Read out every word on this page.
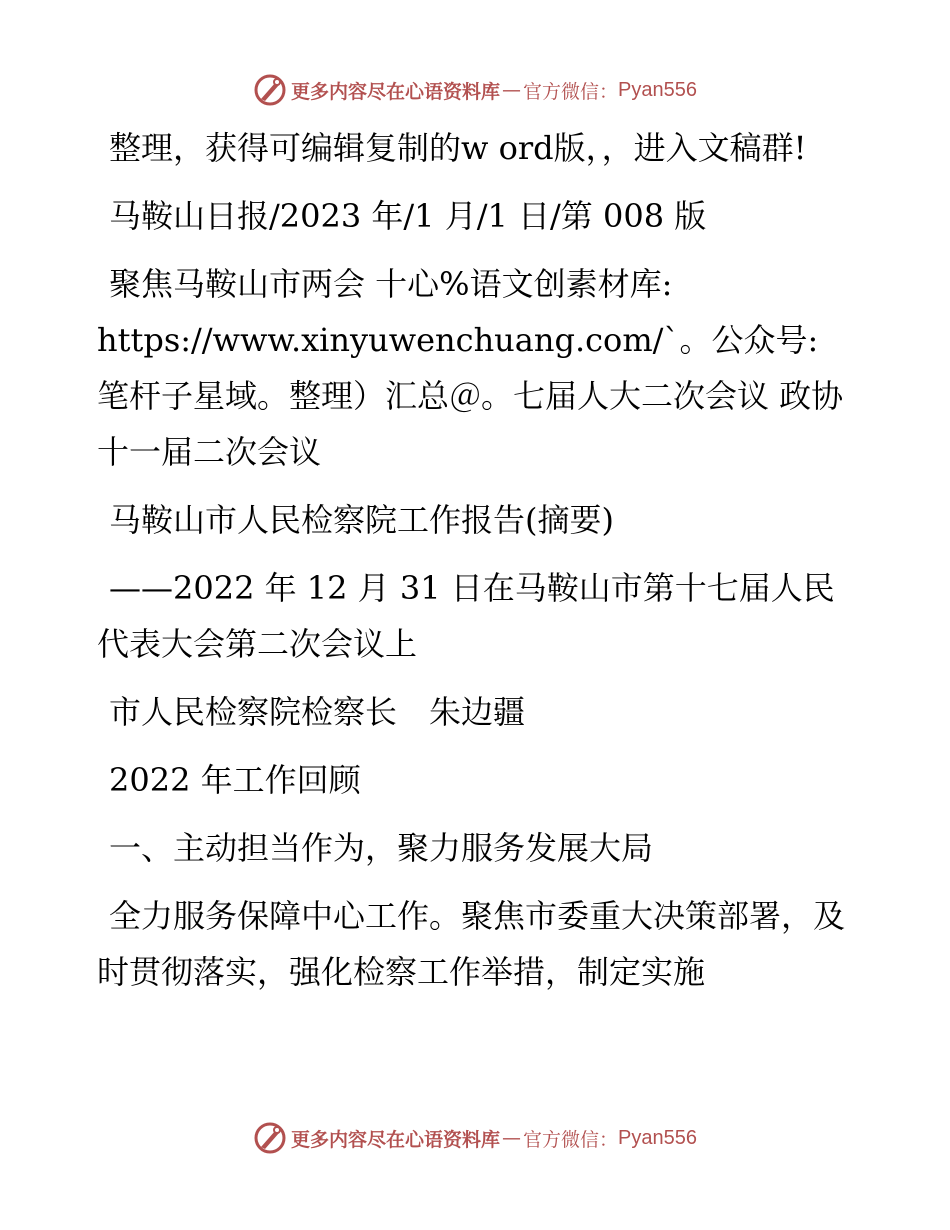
更多内容尽在心语资料库 — 官方微信： Pyan556

整理，获得可编辑复制的w ord版，，进入文稿群!

马鞍山日报/2023 年/1 月/1 日/第 008 版

聚焦马鞍山市两会 十心%语文创素材库:

https://www.xinyuwenchuang.com/`。公众号: 笔杆子星域。整理）汇总＠。七届人大二次会议 政协十一届二次会议

马鞍山市人民检察院工作报告(摘要)

——2022 年 12 月 31 日在马鞍山市第十七届人民代表大会第二次会议上

市人民检察院检察长　朱边疆

2022 年工作回顾

一、主动担当作为，聚力服务发展大局

全力服务保障中心工作。聚焦市委重大决策部署，及时贯彻落实，强化检察工作举措，制定实施

更多内容尽在心语资料库 — 官方微信： Pyan556
